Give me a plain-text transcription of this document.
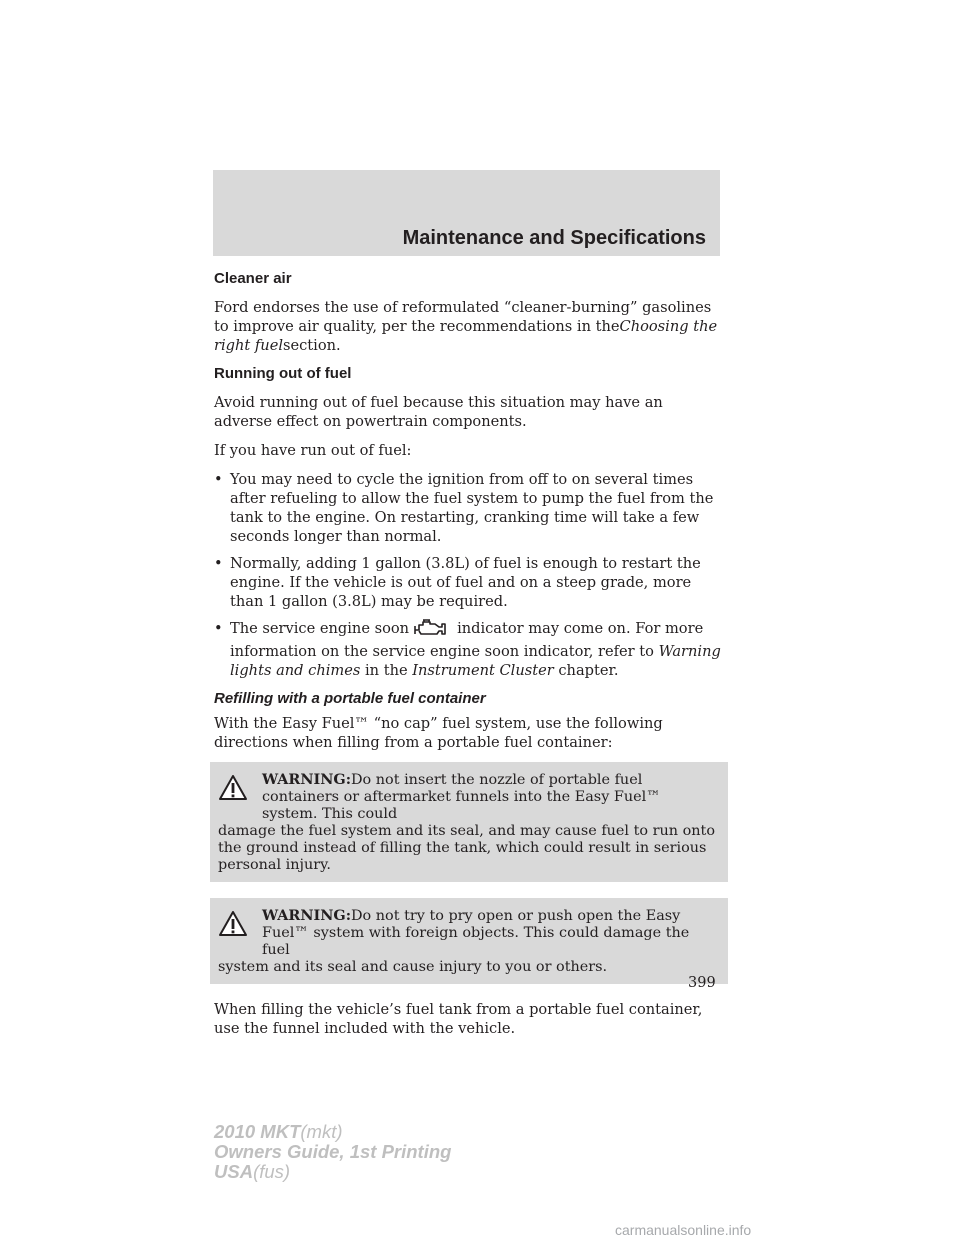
Maintenance and Specifications
Cleaner air

Ford endorses the use of reformulated “cleaner-burning” gasolines to improve air quality, per the recommendations in theChoosing the right fuelsection.

Running out of fuel

Avoid running out of fuel because this situation may have an adverse effect on powertrain components.

If you have run out of fuel:

• You may need to cycle the ignition from off to on several times after refueling to allow the fuel system to pump the fuel from the tank to the engine. On restarting, cranking time will take a few seconds longer than normal.
• Normally, adding 1 gallon (3.8L) of fuel is enough to restart the engine. If the vehicle is out of fuel and on a steep grade, more than 1 gallon (3.8L) may be required.
• The service engine soon	indicator may come on. For more information on the service engine soon indicator, refer to Warning lights and chimes in the Instrument Cluster chapter.
Refilling with a portable fuel container

With the Easy Fuel™ “no cap” fuel system, use the following directions when filling from a portable fuel container:

WARNING:Do not insert the nozzle of portable fuel containers or aftermarket funnels into the Easy Fuel™ system. This could
damage the fuel system and its seal, and may cause fuel to run onto the ground instead of filling the tank, which could result in serious personal injury.
WARNING:Do not try to pry open or push open the Easy Fuel™ system with foreign objects. This could damage the fuel
system and its seal and cause injury to you or others.

When filling the vehicle’s fuel tank from a portable fuel container, use the funnel included with the vehicle.

399
2010 MKT(mkt)
Owners Guide, 1st Printing
USA(fus)
carmanualsonline.info
